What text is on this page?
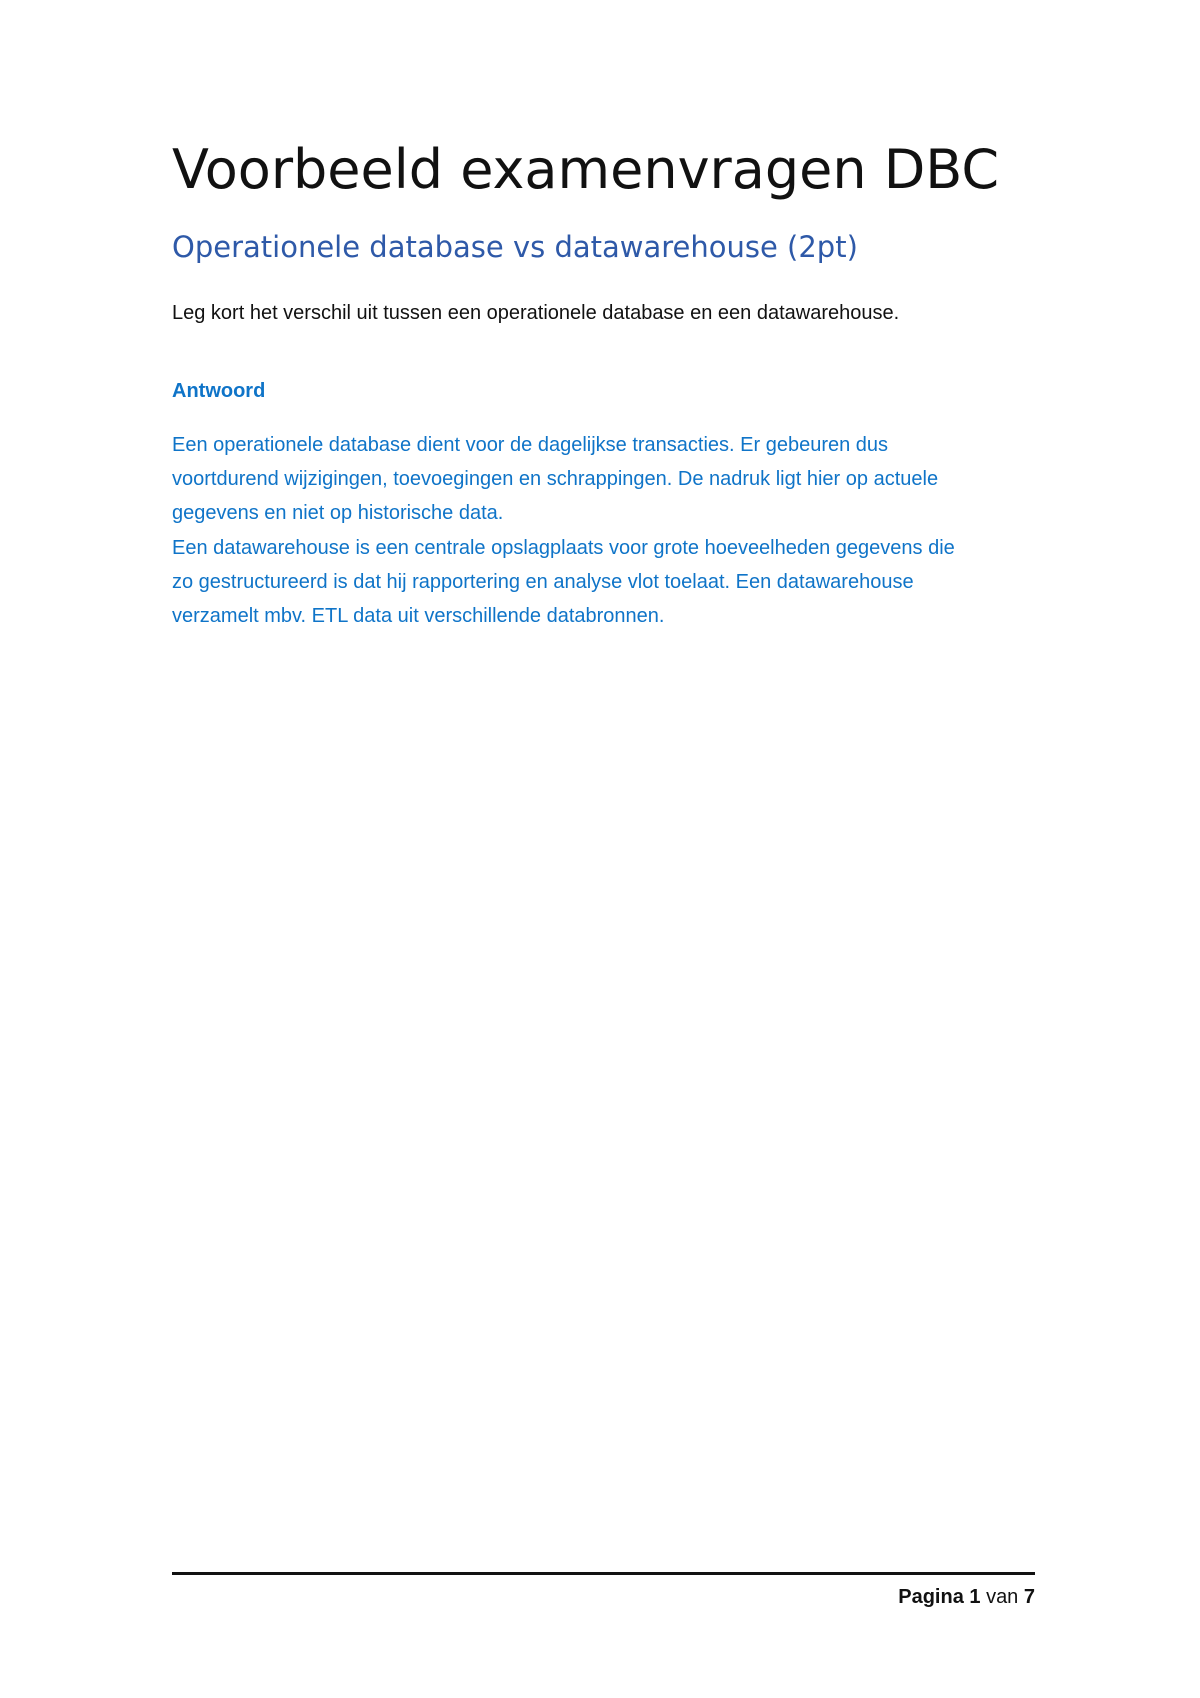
Voorbeeld examenvragen DBC
Operationele database vs datawarehouse (2pt)

Leg kort het verschil uit tussen een operationele database en een datawarehouse.

Antwoord
Een operationele database dient voor de dagelijkse transacties. Er gebeuren dus
voortdurend wijzigingen, toevoegingen en schrappingen. De nadruk ligt hier op actuele
gegevens en niet op historische data.
Een datawarehouse is een centrale opslagplaats voor grote hoeveelheden gegevens die
zo gestructureerd is dat hij rapportering en analyse vlot toelaat. Een datawarehouse
verzamelt mbv. ETL data uit verschillende databronnen.
Pagina 1 van 7
